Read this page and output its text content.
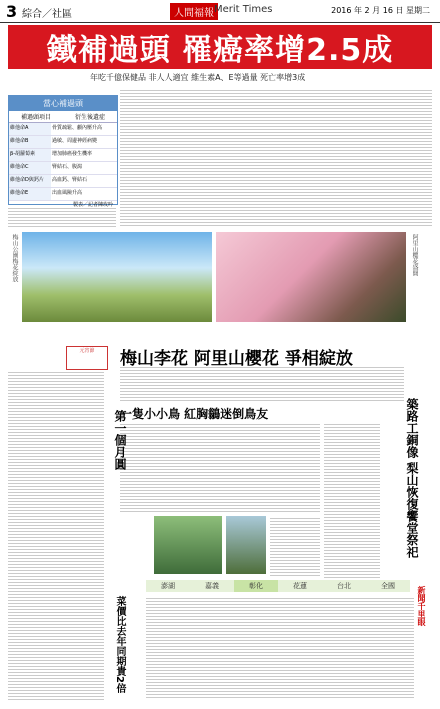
3 綜合／社區	人間福報 Merit Times	2016 年 2 月 16 日 星期二
鐵補過頭 罹癌率增2.5成
年吃千億保健品 非人人適宜 維生素A、E等過量 死亡率增3成
當心補過頭
補過頭項目	衍生後遺症
維他命A	骨質疏鬆、顱內壓升高
維他命B	過敏、周邊神經病變
β-胡蘿蔔素	增加肺癌發生機率
維他命C	腎結石、腹瀉
維他命D與鈣片	高血鈣、腎結石
維他命E	出血風險升高
製表／記者陳玫吟
梅山公園梅花綻放	阿里山櫻花盛開
梅山李花 阿里山櫻花 爭相綻放
一隻小小鳥 紅胸鶲迷倒鳥友
元宵節
第一個月圓	築路工銅像 梨山恢復饗堂祭祀
新聞千里眼
菜價比去年同期貴2倍
澎湖	嘉義	彰化	花蓮	台北	全國
